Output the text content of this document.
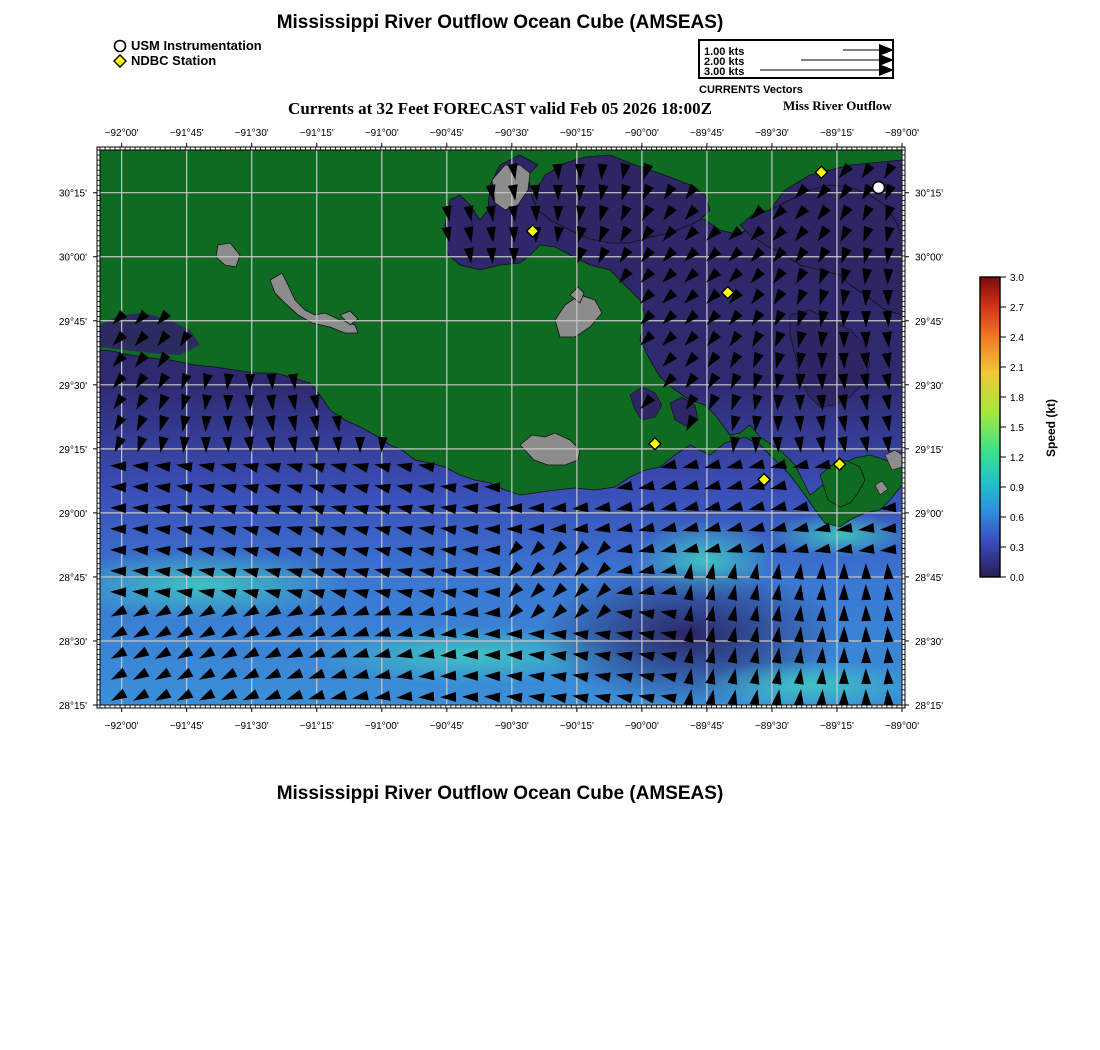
Mississippi River Outflow Ocean Cube (AMSEAS)
USM Instrumentation
NDBC Station
1.00 kts
2.00 kts
3.00 kts
CURRENTS Vectors
Currents at 32 Feet FORECAST valid Feb 05 2026 18:00Z	Miss River Outflow
−92°00'
−92°00'
−91°45'
−91°45'
−91°30'
−91°30'
−91°15'
−91°15'
−91°00'
−91°00'
−90°45'
−90°45'
−90°30'
−90°30'
−90°15'
−90°15'
−90°00'
−90°00'
−89°45'
−89°45'
−89°30'
−89°30'
−89°15'
−89°15'
−89°00'
−89°00'
30°15'	30°15'
30°00'	30°00'
29°45'	29°45'
29°30'	29°30'
29°15'	29°15'
29°00'	29°00'
28°45'	28°45'
28°30'	28°30'
28°15'	28°15'
3.0
2.7
2.4
2.1
1.8
1.5
1.2
0.9
0.6
0.3
0.0
Speed (kt)
Mississippi River Outflow Ocean Cube (AMSEAS)
